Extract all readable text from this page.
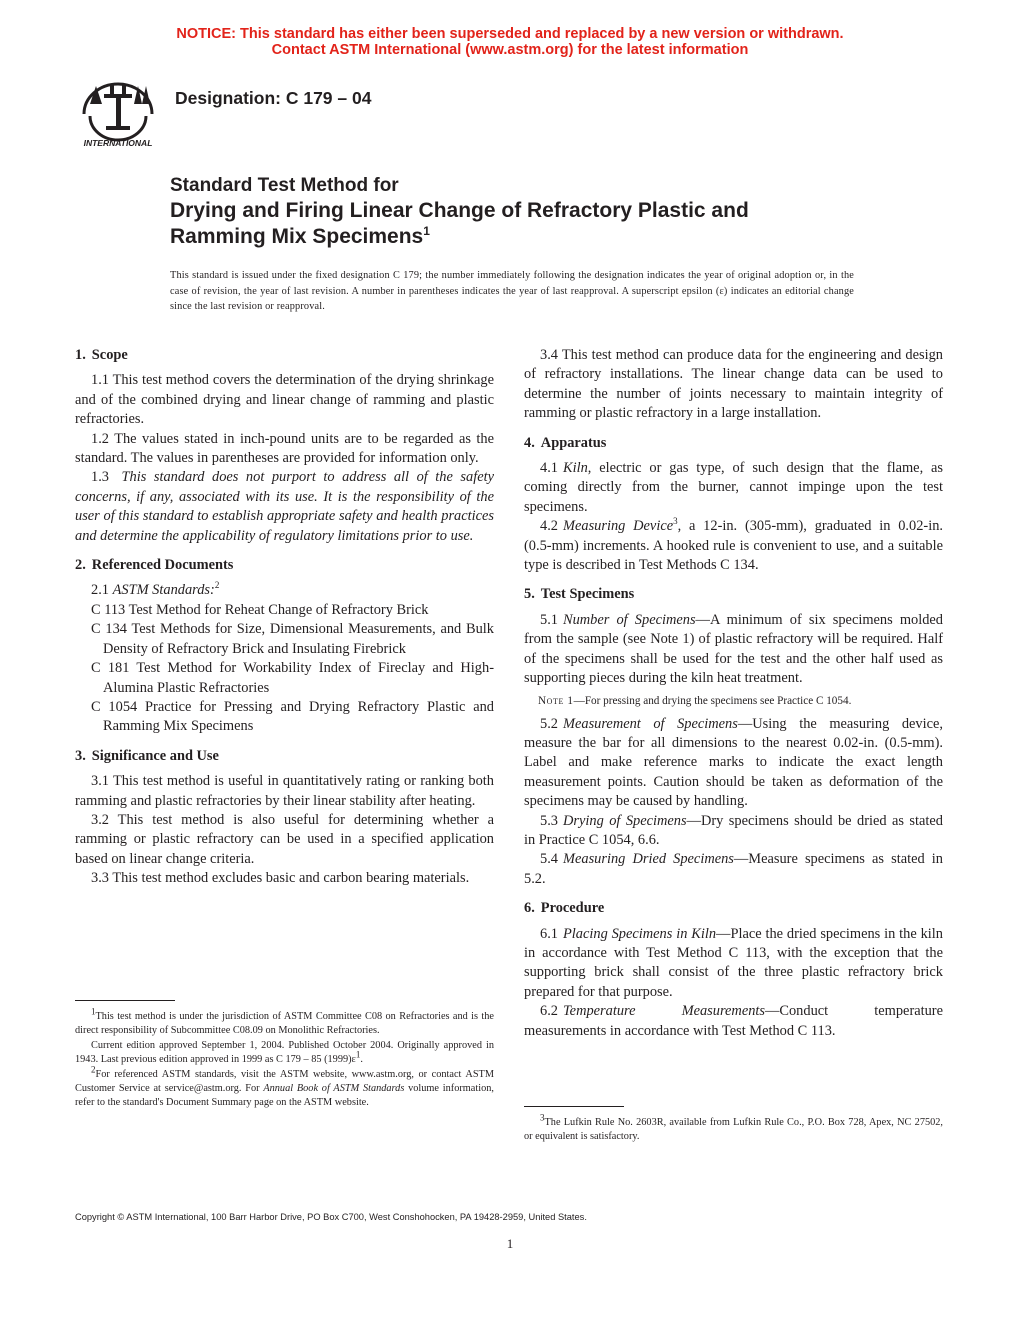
NOTICE: This standard has either been superseded and replaced by a new version or withdrawn.
Contact ASTM International (www.astm.org) for the latest information
INTERNATIONAL
Designation: C 179 – 04
Standard Test Method for
Drying and Firing Linear Change of Refractory Plastic and
Ramming Mix Specimens$^1$
This standard is issued under the fixed designation C 179; the number immediately following the designation indicates the year of original adoption or, in the case of revision, the year of last revision. A number in parentheses indicates the year of last reapproval. A superscript epsilon (ε) indicates an editorial change since the last revision or reapproval.
1. Scope

1.1 This test method covers the determination of the drying shrinkage and of the combined drying and linear change of ramming and plastic refractories.

1.2 The values stated in inch-pound units are to be regarded as the standard. The values in parentheses are provided for information only.

1.3 This standard does not purport to address all of the safety concerns, if any, associated with its use. It is the responsibility of the user of this standard to establish appropriate safety and health practices and determine the applicability of regulatory limitations prior to use.

2. Referenced Documents

2.1 ASTM Standards:$^2$

C 113 Test Method for Reheat Change of Refractory Brick

C 134 Test Methods for Size, Dimensional Measurements, and Bulk Density of Refractory Brick and Insulating Firebrick

C 181 Test Method for Workability Index of Fireclay and High-Alumina Plastic Refractories

C 1054 Practice for Pressing and Drying Refractory Plastic and Ramming Mix Specimens

3. Significance and Use

3.1 This test method is useful in quantitatively rating or ranking both ramming and plastic refractories by their linear stability after heating.

3.2 This test method is also useful for determining whether a ramming or plastic refractory can be used in a specified application based on linear change criteria.

3.3 This test method excludes basic and carbon bearing materials.

$^1$This test method is under the jurisdiction of ASTM Committee C08 on Refractories and is the direct responsibility of Subcommittee C08.09 on Monolithic Refractories.

Current edition approved September 1, 2004. Published October 2004. Originally approved in 1943. Last previous edition approved in 1999 as C 179 – 85 $(1999)\varepsilon^1$.

$^2$For referenced ASTM standards, visit the ASTM website, www.astm.org, or contact ASTM Customer Service at service@astm.org. For Annual Book of ASTM Standards volume information, refer to the standard's Document Summary page on the ASTM website.

3.4 This test method can produce data for the engineering and design of refractory installations. The linear change data can be used to determine the number of joints necessary to maintain integrity of ramming or plastic refractory in a large installation.

4. Apparatus

4.1 Kiln, electric or gas type, of such design that the flame, as coming directly from the burner, cannot impinge upon the test specimens.

4.2 Measuring Device$^3$, a 12-in. (305-mm), graduated in 0.02-in. (0.5-mm) increments. A hooked rule is convenient to use, and a suitable type is described in Test Methods C 134.

5. Test Specimens

5.1 Number of Specimens—A minimum of six specimens molded from the sample (see Note 1) of plastic refractory will be required. Half of the specimens shall be used for the test and the other half used as supporting pieces during the kiln heat treatment.

Note 1—For pressing and drying the specimens see Practice C 1054.

5.2 Measurement of Specimens—Using the measuring device, measure the bar for all dimensions to the nearest 0.02-in. (0.5-mm). Label and make reference marks to indicate the exact length measurement points. Caution should be taken as deformation of the specimens may be caused by handling.

5.3 Drying of Specimens—Dry specimens should be dried as stated in Practice C 1054, 6.6.

5.4 Measuring Dried Specimens—Measure specimens as stated in 5.2.

6. Procedure

6.1 Placing Specimens in Kiln—Place the dried specimens in the kiln in accordance with Test Method C 113, with the exception that the supporting brick shall consist of the three plastic refractory brick prepared for that purpose.

6.2 Temperature Measurements—Conduct temperature measurements in accordance with Test Method C 113.

$^3$The Lufkin Rule No. 2603R, available from Lufkin Rule Co., P.O. Box 728, Apex, NC 27502, or equivalent is satisfactory.

Copyright © ASTM International, 100 Barr Harbor Drive, PO Box C700, West Conshohocken, PA 19428-2959, United States.
1
